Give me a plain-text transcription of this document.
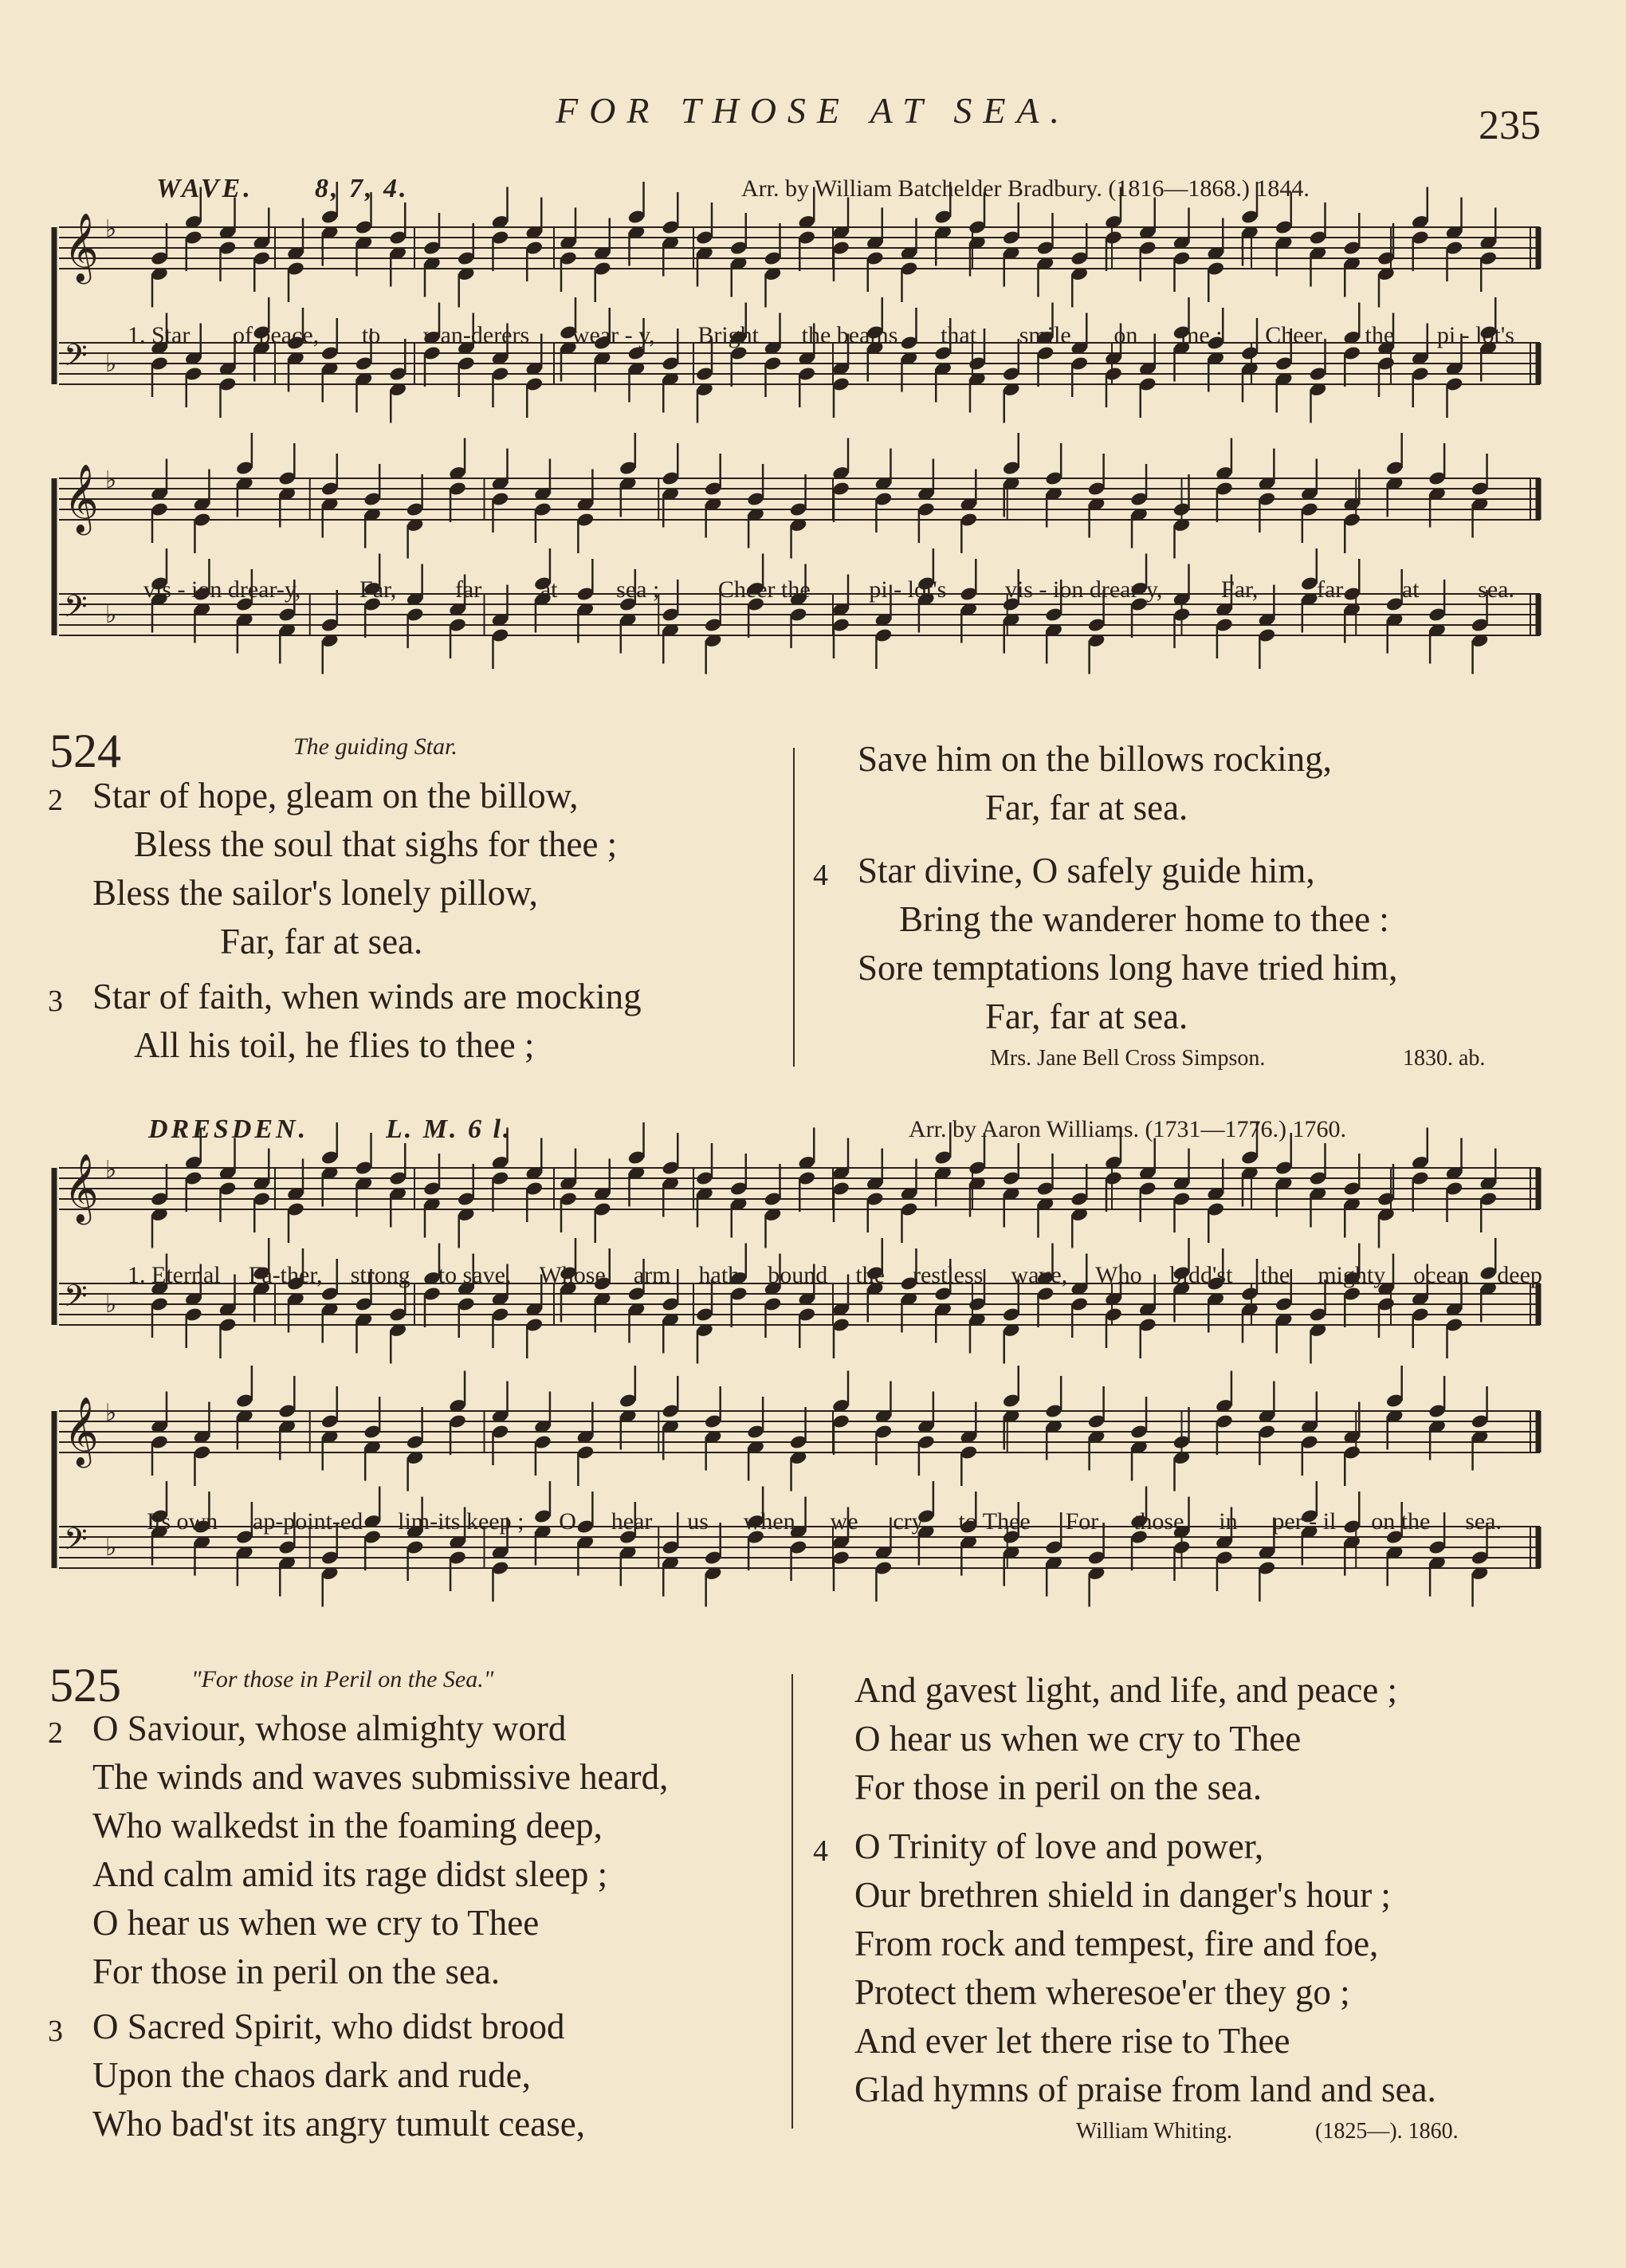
FOR THOSE AT SEA.	235
WAVE. 8, 7, 4.	Arr. by William Batchelder Bradbury. (1816—1868.) 1844.
𝄞 ♭

𝄢 ♭

1. Star of peace, to wan-derers wear - y, Bright the beams that smile on me ; Cheer the pi - lot's
𝄞 ♭
𝄢 ♭
vis - ion drear-y, Far, far at sea ; Cheer the pi - lot's vis - ion drear-y, Far, far at sea.
524	The guiding Star.
2 Star of hope, gleam on the billow,
Bless the soul that sighs for thee ;
Bless the sailor's lonely pillow,
Far, far at sea.
3 Star of faith, when winds are mocking
All his toil, he flies to thee ;
Save him on the billows rocking,
Far, far at sea.
4 Star divine, O safely guide him,
Bring the wanderer home to thee :
Sore temptations long have tried him,
Far, far at sea.
Mrs. Jane Bell Cross Simpson.	1830. ab.
DRESDEN.	L. M. 6 l.	Arr. by Aaron Williams. (1731—1776.) 1760.
𝄞 ♭

𝄢 ♭

1. Eternal Fa-ther, strong to save, Whose arm hath bound the restless wave, Who bidd'st the mighty ocean deep
𝄞 ♭
𝄢 ♭
Its own ap-point-ed lim-its keep ; O hear us when we cry to Thee For those in per - il on the sea.
525	"For those in Peril on the Sea."
2 O Saviour, whose almighty word
The winds and waves submissive heard,
Who walkedst in the foaming deep,
And calm amid its rage didst sleep ;
O hear us when we cry to Thee
For those in peril on the sea.
3 O Sacred Spirit, who didst brood
Upon the chaos dark and rude,
Who bad'st its angry tumult cease,
And gavest light, and life, and peace ;
O hear us when we cry to Thee
For those in peril on the sea.
4 O Trinity of love and power,
Our brethren shield in danger's hour ;
From rock and tempest, fire and foe,
Protect them wheresoe'er they go ;
And ever let there rise to Thee
Glad hymns of praise from land and sea.
William Whiting.	(1825—). 1860.
